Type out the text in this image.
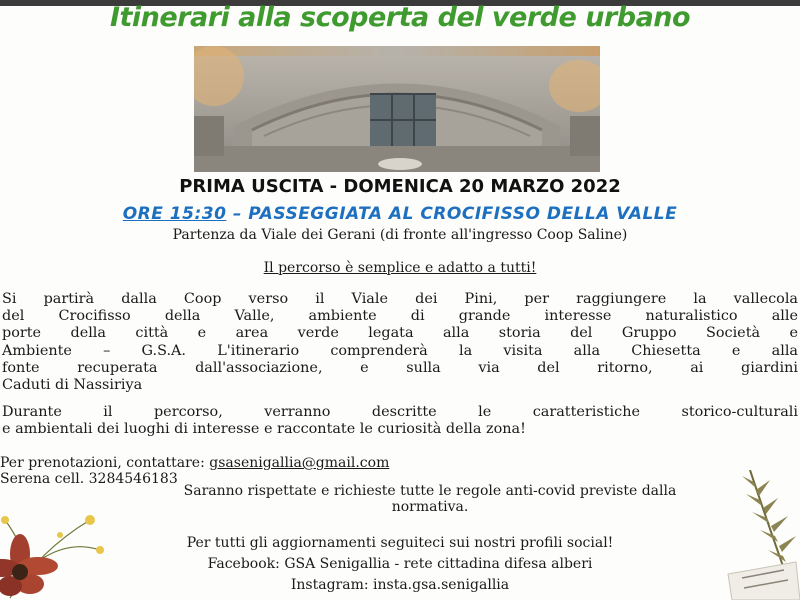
Itinerari alla scoperta del verde urbano
PRIMA USCITA - DOMENICA 20 MARZO 2022
ORE 15:30 – PASSEGGIATA AL CROCIFISSO DELLA VALLE
Partenza da Viale dei Gerani (di fronte all'ingresso Coop Saline)
Il percorso è semplice e adatto a tutti!
Si partirà dalla Coop verso il Viale dei Pini, per raggiungere la vallecola
del Crocifisso della Valle, ambiente di grande interesse naturalistico alle
porte della città e area verde legata alla storia del Gruppo Società e
Ambiente – G.S.A. L'itinerario comprenderà la visita alla Chiesetta e alla
fonte recuperata dall'associazione, e sulla via del ritorno, ai giardini
Caduti di Nassiriya
Durante il percorso, verranno descritte le caratteristiche storico-culturali
e ambientali dei luoghi di interesse e raccontate le curiosità della zona!
Per prenotazioni, contattare: gsasenigallia@gmail.com
Serena cell. 3284546183
Saranno rispettate e richieste tutte le regole anti-covid previste dalla
normativa.
Per tutti gli aggiornamenti seguiteci sui nostri profili social!
Facebook: GSA Senigallia - rete cittadina difesa alberi
Instagram: insta.gsa.senigallia
